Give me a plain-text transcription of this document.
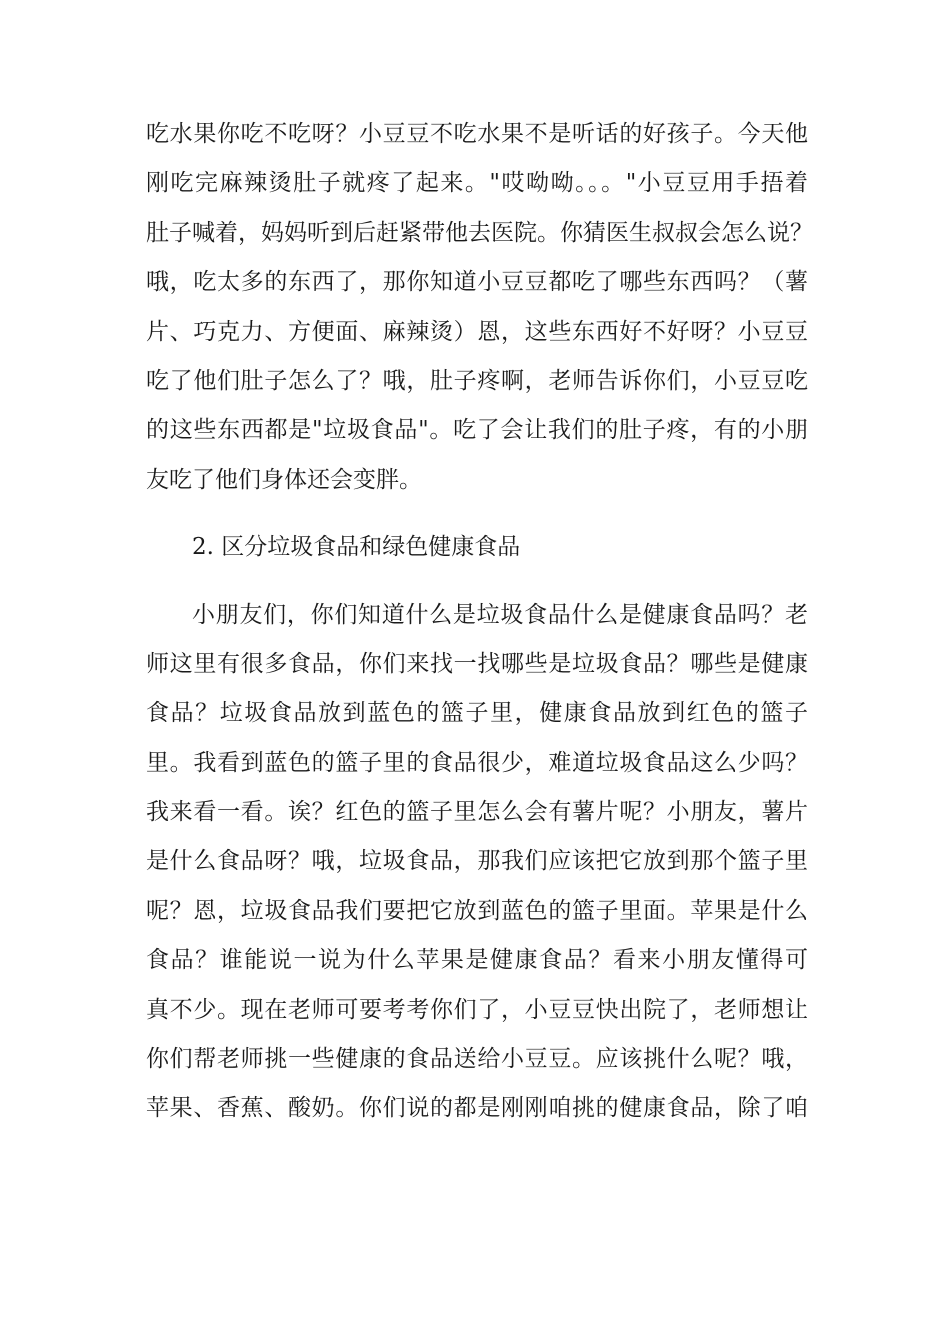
吃水果你吃不吃呀？小豆豆不吃水果不是听话的好孩子。今天他
刚吃完麻辣烫肚子就疼了起来。"哎呦呦。。。"小豆豆用手捂着
肚子喊着，妈妈听到后赶紧带他去医院。你猜医生叔叔会怎么说？
哦，吃太多的东西了，那你知道小豆豆都吃了哪些东西吗？（薯
片、巧克力、方便面、麻辣烫）恩，这些东西好不好呀？小豆豆
吃了他们肚子怎么了？哦，肚子疼啊，老师告诉你们，小豆豆吃
的这些东西都是"垃圾食品"。吃了会让我们的肚子疼，有的小朋
友吃了他们身体还会变胖。
2. 区分垃圾食品和绿色健康食品
小朋友们，你们知道什么是垃圾食品什么是健康食品吗？老
师这里有很多食品，你们来找一找哪些是垃圾食品？哪些是健康
食品？垃圾食品放到蓝色的篮子里，健康食品放到红色的篮子
里。我看到蓝色的篮子里的食品很少，难道垃圾食品这么少吗？
我来看一看。诶？红色的篮子里怎么会有薯片呢？小朋友，薯片
是什么食品呀？哦，垃圾食品，那我们应该把它放到那个篮子里
呢？恩，垃圾食品我们要把它放到蓝色的篮子里面。苹果是什么
食品？谁能说一说为什么苹果是健康食品？看来小朋友懂得可
真不少。现在老师可要考考你们了，小豆豆快出院了，老师想让
你们帮老师挑一些健康的食品送给小豆豆。应该挑什么呢？哦，
苹果、香蕉、酸奶。你们说的都是刚刚咱挑的健康食品，除了咱
